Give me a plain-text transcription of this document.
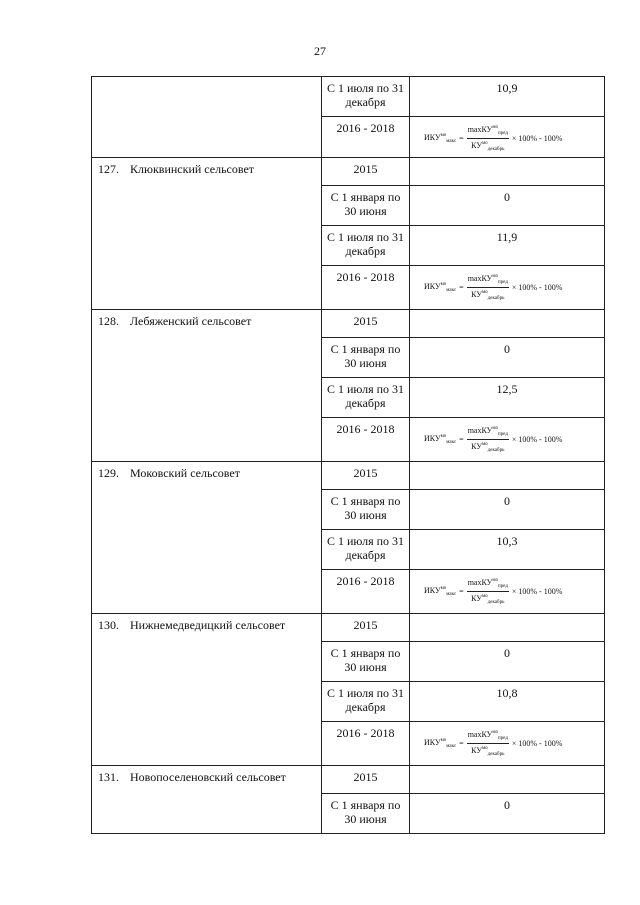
27

	С 1 июля по 31 декабря	10,9

	2016 - 2018	$ИКУ^{мо}_{макс} = \frac{\max КУ^{мо}_{пред}}{КУ^{мо}_{декабрь}} \times 100\% - 100\%$

127. Клюквинский сельсовет	2015	

	С 1 января по 30 июня	0

	С 1 июля по 31 декабря	11,9

	2016 - 2018	$ИКУ^{мо}_{макс} = \frac{\max КУ^{мо}_{пред}}{КУ^{мо}_{декабрь}} \times 100\% - 100\%$

128. Лебяженский сельсовет	2015	

	С 1 января по 30 июня	0

	С 1 июля по 31 декабря	12,5

	2016 - 2018	$ИКУ^{мо}_{макс} = \frac{\max КУ^{мо}_{пред}}{КУ^{мо}_{декабрь}} \times 100\% - 100\%$

129. Моковский сельсовет	2015	

	С 1 января по 30 июня	0

	С 1 июля по 31 декабря	10,3

	2016 - 2018	$ИКУ^{мо}_{макс} = \frac{\max КУ^{мо}_{пред}}{КУ^{мо}_{декабрь}} \times 100\% - 100\%$

130. Нижнемедведицкий сельсовет	2015	

	С 1 января по 30 июня	0

	С 1 июля по 31 декабря	10,8

	2016 - 2018	$ИКУ^{мо}_{макс} = \frac{\max КУ^{мо}_{пред}}{КУ^{мо}_{декабрь}} \times 100\% - 100\%$

131. Новопоселеновский сельсовет	2015	

	С 1 января по 30 июня	0
